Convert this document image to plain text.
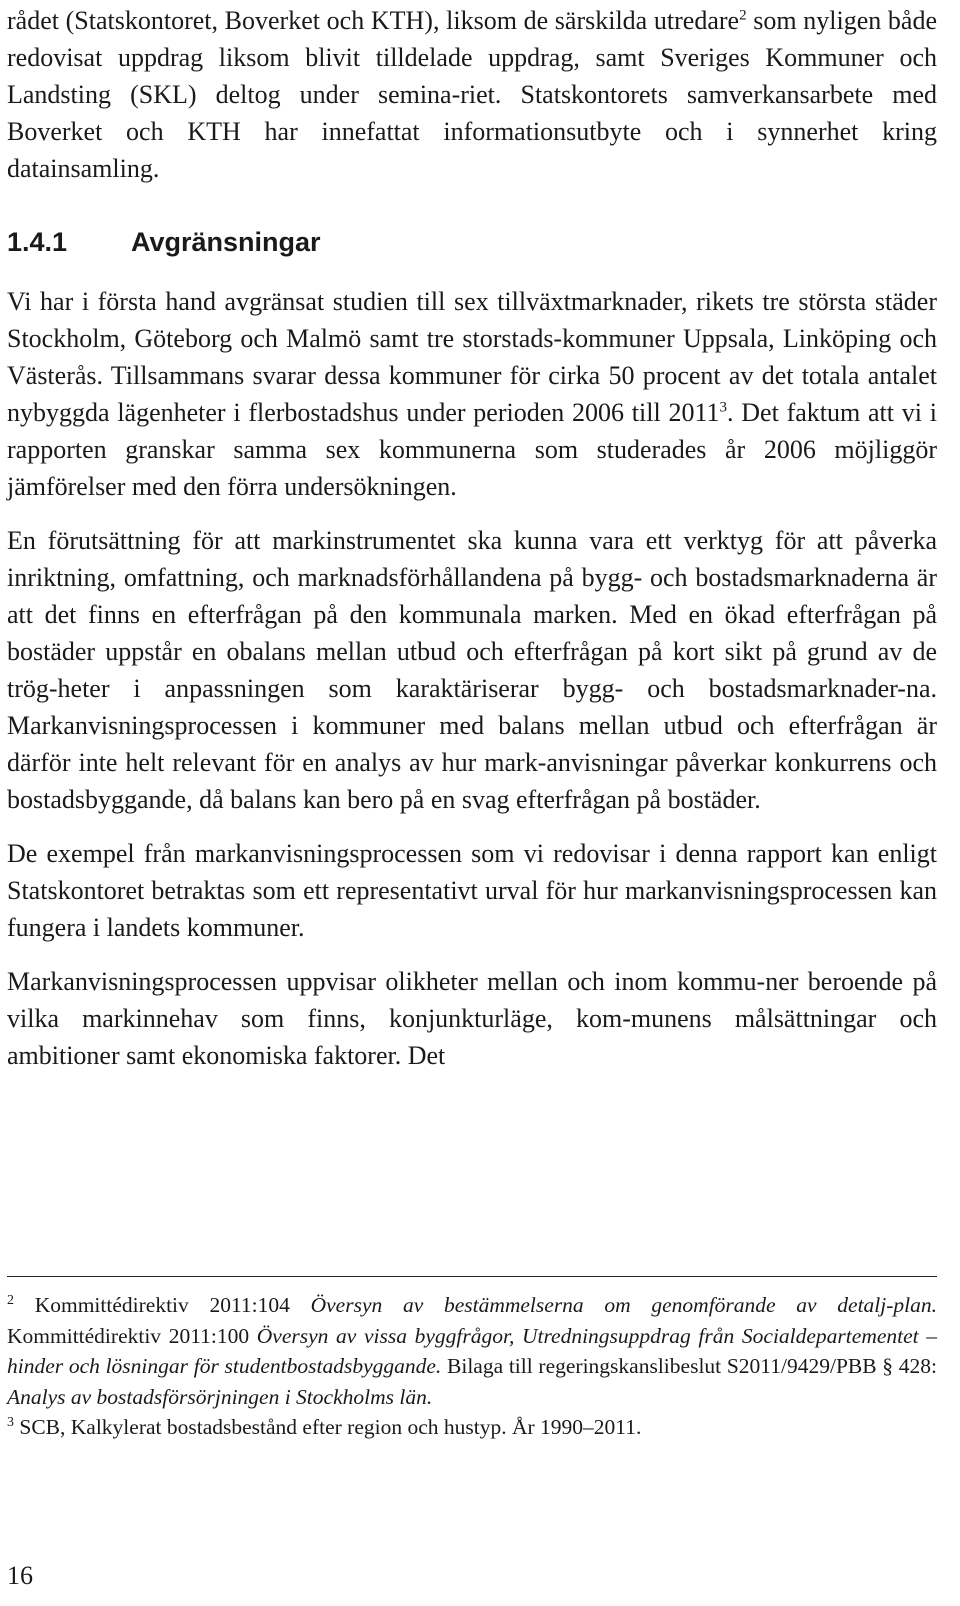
rådet (Statskontoret, Boverket och KTH), liksom de särskilda utredare$^2$ som nyligen både redovisat uppdrag liksom blivit tilldelade uppdrag, samt Sveriges Kommuner och Landsting (SKL) deltog under semina-riet. Statskontorets samverkansarbete med Boverket och KTH har innefattat informationsutbyte och i synnerhet kring datainsamling.

1.4.1	Avgränsningar

Vi har i första hand avgränsat studien till sex tillväxtmarknader, rikets tre största städer Stockholm, Göteborg och Malmö samt tre storstads-kommuner Uppsala, Linköping och Västerås. Tillsammans svarar dessa kommuner för cirka 50 procent av det totala antalet nybyggda lägenheter i flerbostadshus under perioden 2006 till 2011$^3$. Det faktum att vi i rapporten granskar samma sex kommunerna som studerades år 2006 möjliggör jämförelser med den förra undersökningen.

En förutsättning för att markinstrumentet ska kunna vara ett verktyg för att påverka inriktning, omfattning, och marknadsförhållandena på bygg- och bostadsmarknaderna är att det finns en efterfrågan på den kommunala marken. Med en ökad efterfrågan på bostäder uppstår en obalans mellan utbud och efterfrågan på kort sikt på grund av de trög-heter i anpassningen som karaktäriserar bygg- och bostadsmarknader-na. Markanvisningsprocessen i kommuner med balans mellan utbud och efterfrågan är därför inte helt relevant för en analys av hur mark-anvisningar påverkar konkurrens och bostadsbyggande, då balans kan bero på en svag efterfrågan på bostäder.

De exempel från markanvisningsprocessen som vi redovisar i denna rapport kan enligt Statskontoret betraktas som ett representativt urval för hur markanvisningsprocessen kan fungera i landets kommuner.

Markanvisningsprocessen uppvisar olikheter mellan och inom kommu-ner beroende på vilka markinnehav som finns, konjunkturläge, kom-munens målsättningar och ambitioner samt ekonomiska faktorer. Det

$^2$ Kommittédirektiv 2011:104 Översyn av bestämmelserna om genomförande av detalj-plan. Kommittédirektiv 2011:100 Översyn av vissa byggfrågor, Utredningsuppdrag från Socialdepartementet – hinder och lösningar för studentbostadsbyggande. Bilaga till regeringskanslibeslut S2011/9429/PBB § 428: Analys av bostadsförsörjningen i Stockholms län.

$^3$ SCB, Kalkylerat bostadsbestånd efter region och hustyp. År 1990–2011.

16
